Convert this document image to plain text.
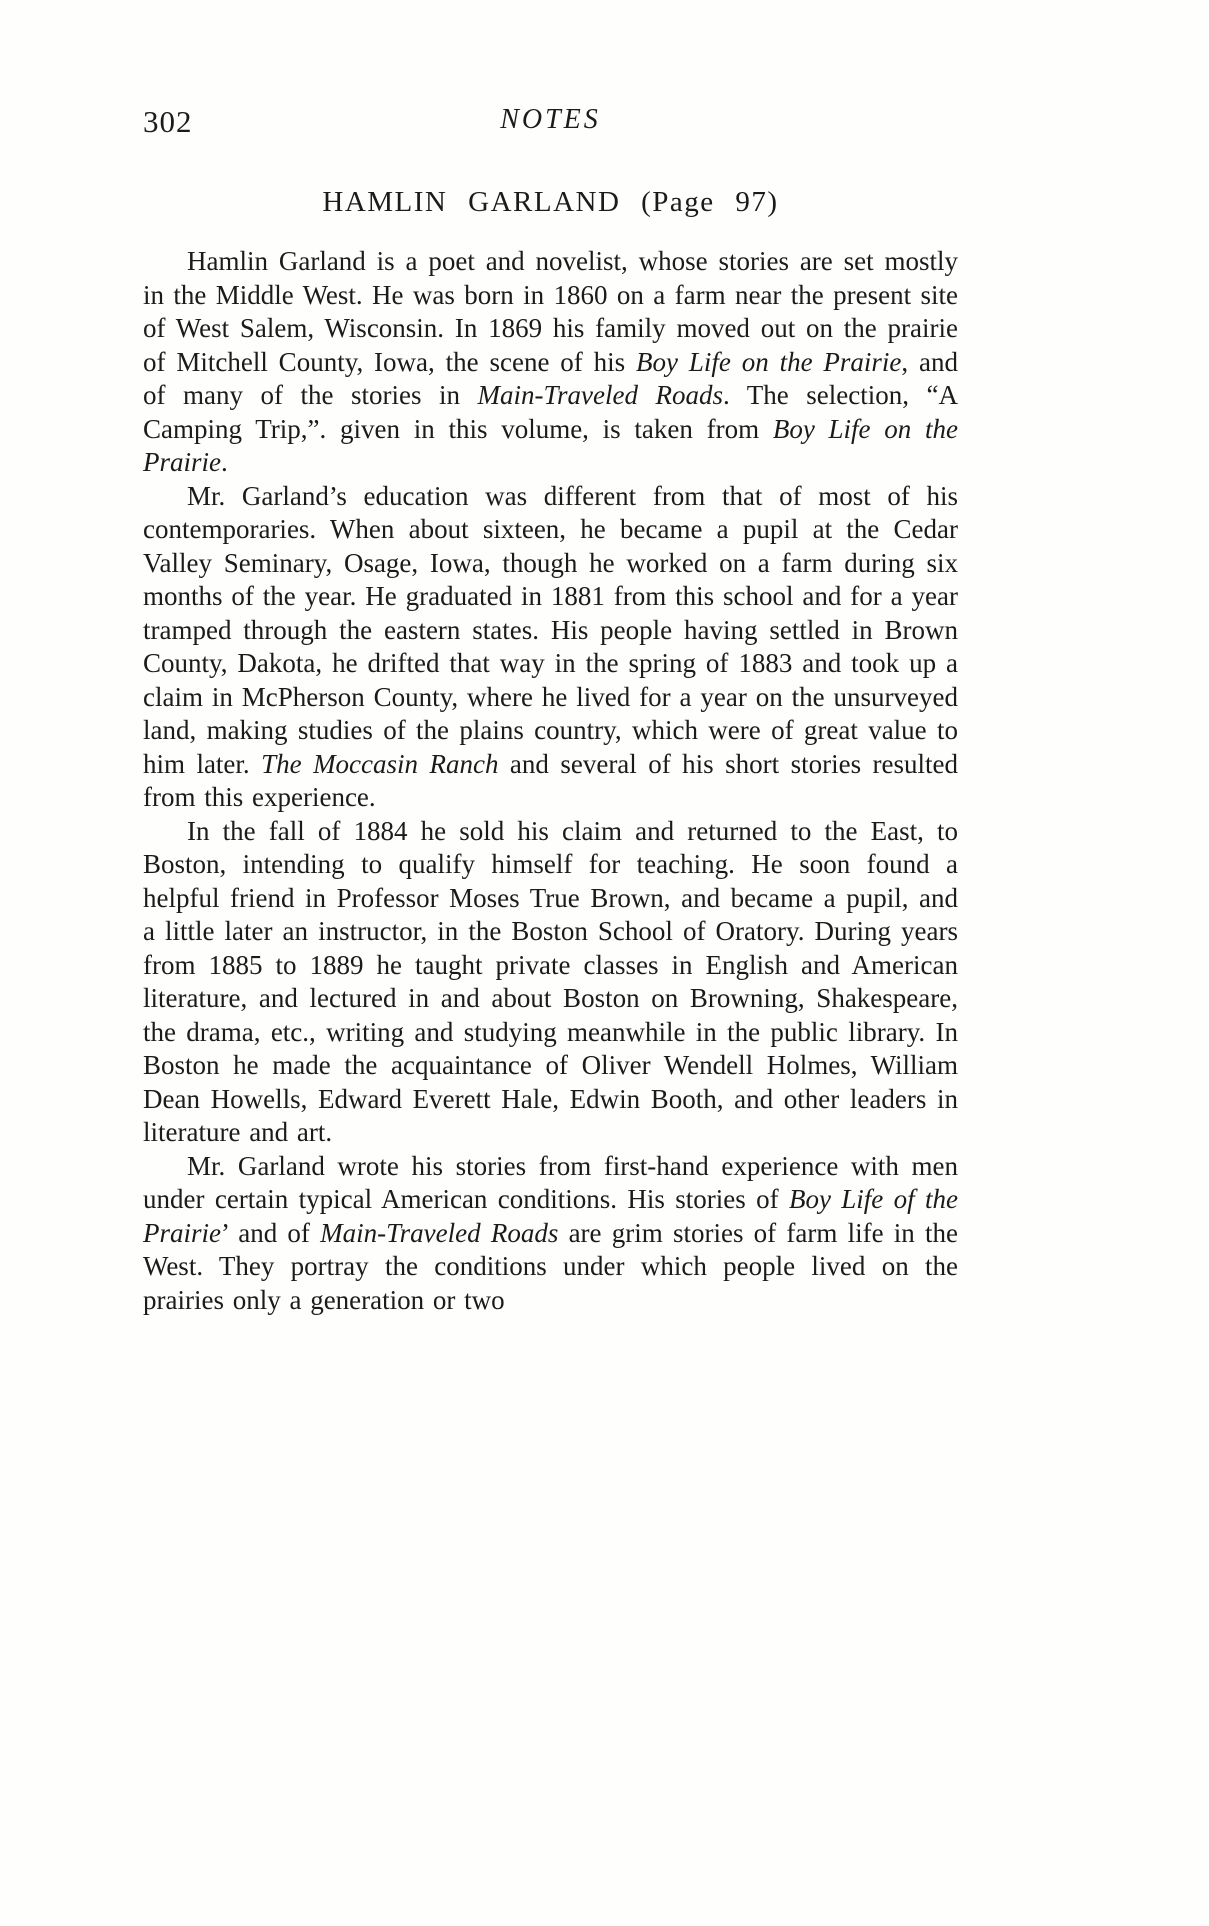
302	NOTES
HAMLIN GARLAND (Page 97)

Hamlin Garland is a poet and novelist, whose stories are set mostly in the Middle West. He was born in 1860 on a farm near the present site of West Salem, Wisconsin. In 1869 his family moved out on the prairie of Mitchell County, Iowa, the scene of his Boy Life on the Prairie, and of many of the stories in Main-Traveled Roads. The selection, “A Camping Trip,”. given in this volume, is taken from Boy Life on the Prairie.

Mr. Garland’s education was different from that of most of his contemporaries. When about sixteen, he became a pupil at the Cedar Valley Seminary, Osage, Iowa, though he worked on a farm during six months of the year. He graduated in 1881 from this school and for a year tramped through the eastern states. His people having settled in Brown County, Dakota, he drifted that way in the spring of 1883 and took up a claim in McPherson County, where he lived for a year on the unsurveyed land, making studies of the plains country, which were of great value to him later. The Moccasin Ranch and several of his short stories resulted from this experience.

In the fall of 1884 he sold his claim and returned to the East, to Boston, intending to qualify himself for teaching. He soon found a helpful friend in Professor Moses True Brown, and became a pupil, and a little later an instructor, in the Boston School of Oratory. During years from 1885 to 1889 he taught private classes in English and American literature, and lectured in and about Boston on Browning, Shakespeare, the drama, etc., writing and studying meanwhile in the public library. In Boston he made the acquaintance of Oliver Wendell Holmes, William Dean Howells, Edward Everett Hale, Edwin Booth, and other leaders in literature and art.

Mr. Garland wrote his stories from first-hand experience with men under certain typical American conditions. His stories of Boy Life of the Prairie’ and of Main-Traveled Roads are grim stories of farm life in the West. They portray the conditions under which people lived on the prairies only a generation or two
